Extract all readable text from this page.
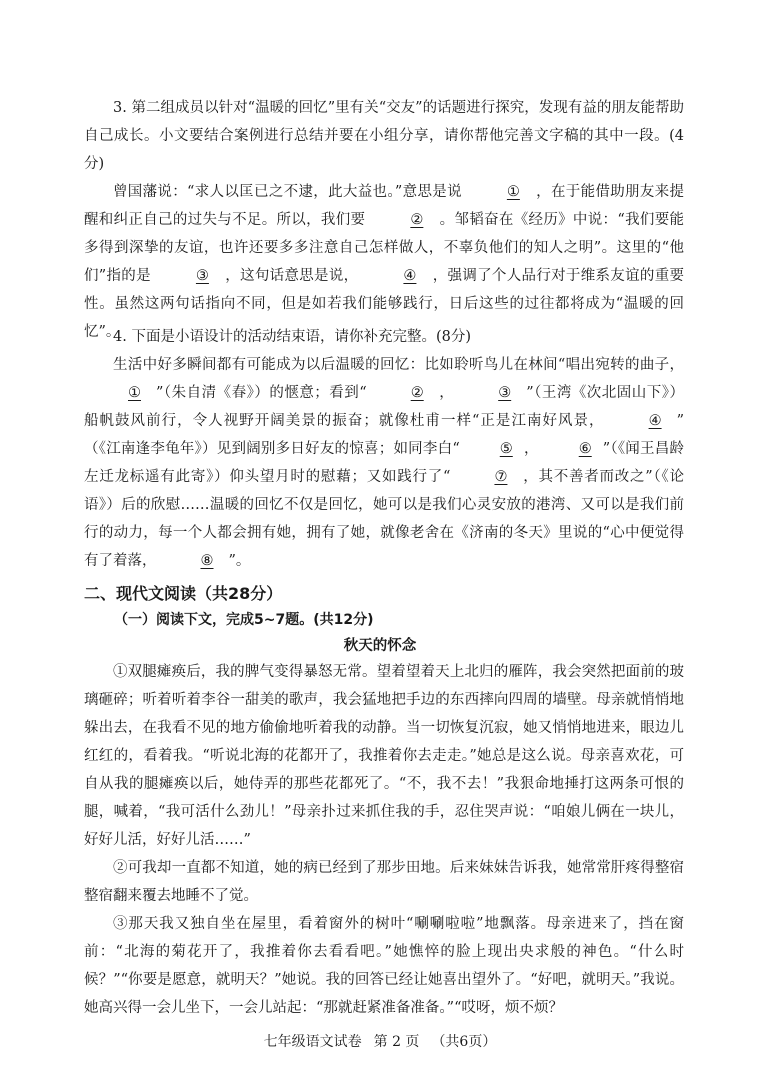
3. 第二组成员以针对“温暖的回忆”里有关“交友”的话题进行探究，发现有益的朋友能帮助自己成长。小文要结合案例进行总结并要在小组分享，请你帮他完善文字稿的其中一段。(4分)

曾国藩说：“求人以匡已之不逮，此大益也。”意思是说	① ，在于能借助朋友来提醒和纠正自己的过失与不足。所以，我们要	② 。邹韬奋在《经历》中说：“我们要能多得到深挚的友谊，也许还要多多注意自己怎样做人，不辜负他们的知人之明”。这里的“他们”指的是	③ ，这句话意思是说，	④ ，强调了个人品行对于维系友谊的重要性。虽然这两句话指向不同，但是如若我们能够践行，日后这些的过往都将成为“温暖的回忆”。

4. 下面是小语设计的活动结束语，请你补充完整。(8分)

生活中好多瞬间都有可能成为以后温暖的回忆：比如聆听鸟儿在林间“唱出宛转的曲子，① ”（朱自清《春》）的惬意；看到“	② ，	③ ”（王湾《次北固山下》）船帆鼓风前行，令人视野开阔美景的振奋；就像杜甫一样“正是江南好风景，	④ ”　（《江南逢李龟年》）见到阔别多日好友的惊喜；如同李白“	⑤ ，	⑥ ”（《闻王昌龄左迁龙标遥有此寄》）仰头望月时的慰藉；又如践行了“	⑦ ，其不善者而改之”（《论语》）后的欣慰……温暖的回忆不仅是回忆，她可以是我们心灵安放的港湾、又可以是我们前行的动力，每一个人都会拥有她，拥有了她，就像老舍在《济南的冬天》里说的“心中便觉得有了着落，	⑧ ”。

二、现代文阅读（共28分）
（一）阅读下文，完成5~7题。(共12分)
秋天的怀念

①双腿瘫痪后，我的脾气变得暴怒无常。望着望着天上北归的雁阵，我会突然把面前的玻璃砸碎；听着听着李谷一甜美的歌声，我会猛地把手边的东西摔向四周的墙壁。母亲就悄悄地躲出去，在我看不见的地方偷偷地听着我的动静。当一切恢复沉寂，她又悄悄地进来，眼边儿红红的，看着我。“听说北海的花都开了，我推着你去走走。”她总是这么说。母亲喜欢花，可自从我的腿瘫痪以后，她侍弄的那些花都死了。“不，我不去！”我狠命地捶打这两条可恨的腿，喊着，“我可活什么劲儿！”母亲扑过来抓住我的手，忍住哭声说：“咱娘儿俩在一块儿，好好儿活，好好儿活……”

②可我却一直都不知道，她的病已经到了那步田地。后来妹妹告诉我，她常常肝疼得整宿整宿翻来覆去地睡不了觉。

③那天我又独自坐在屋里，看着窗外的树叶“唰唰啦啦”地飘落。母亲进来了，挡在窗前：“北海的菊花开了，我推着你去看看吧。”她憔悴的脸上现出央求般的神色。“什么时候？”“你要是愿意，就明天？”她说。我的回答已经让她喜出望外了。“好吧，就明天。”我说。她高兴得一会儿坐下，一会儿站起：“那就赶紧准备准备。”“哎呀，烦不烦？

七年级语文试卷 第 2 页 （共6页）
